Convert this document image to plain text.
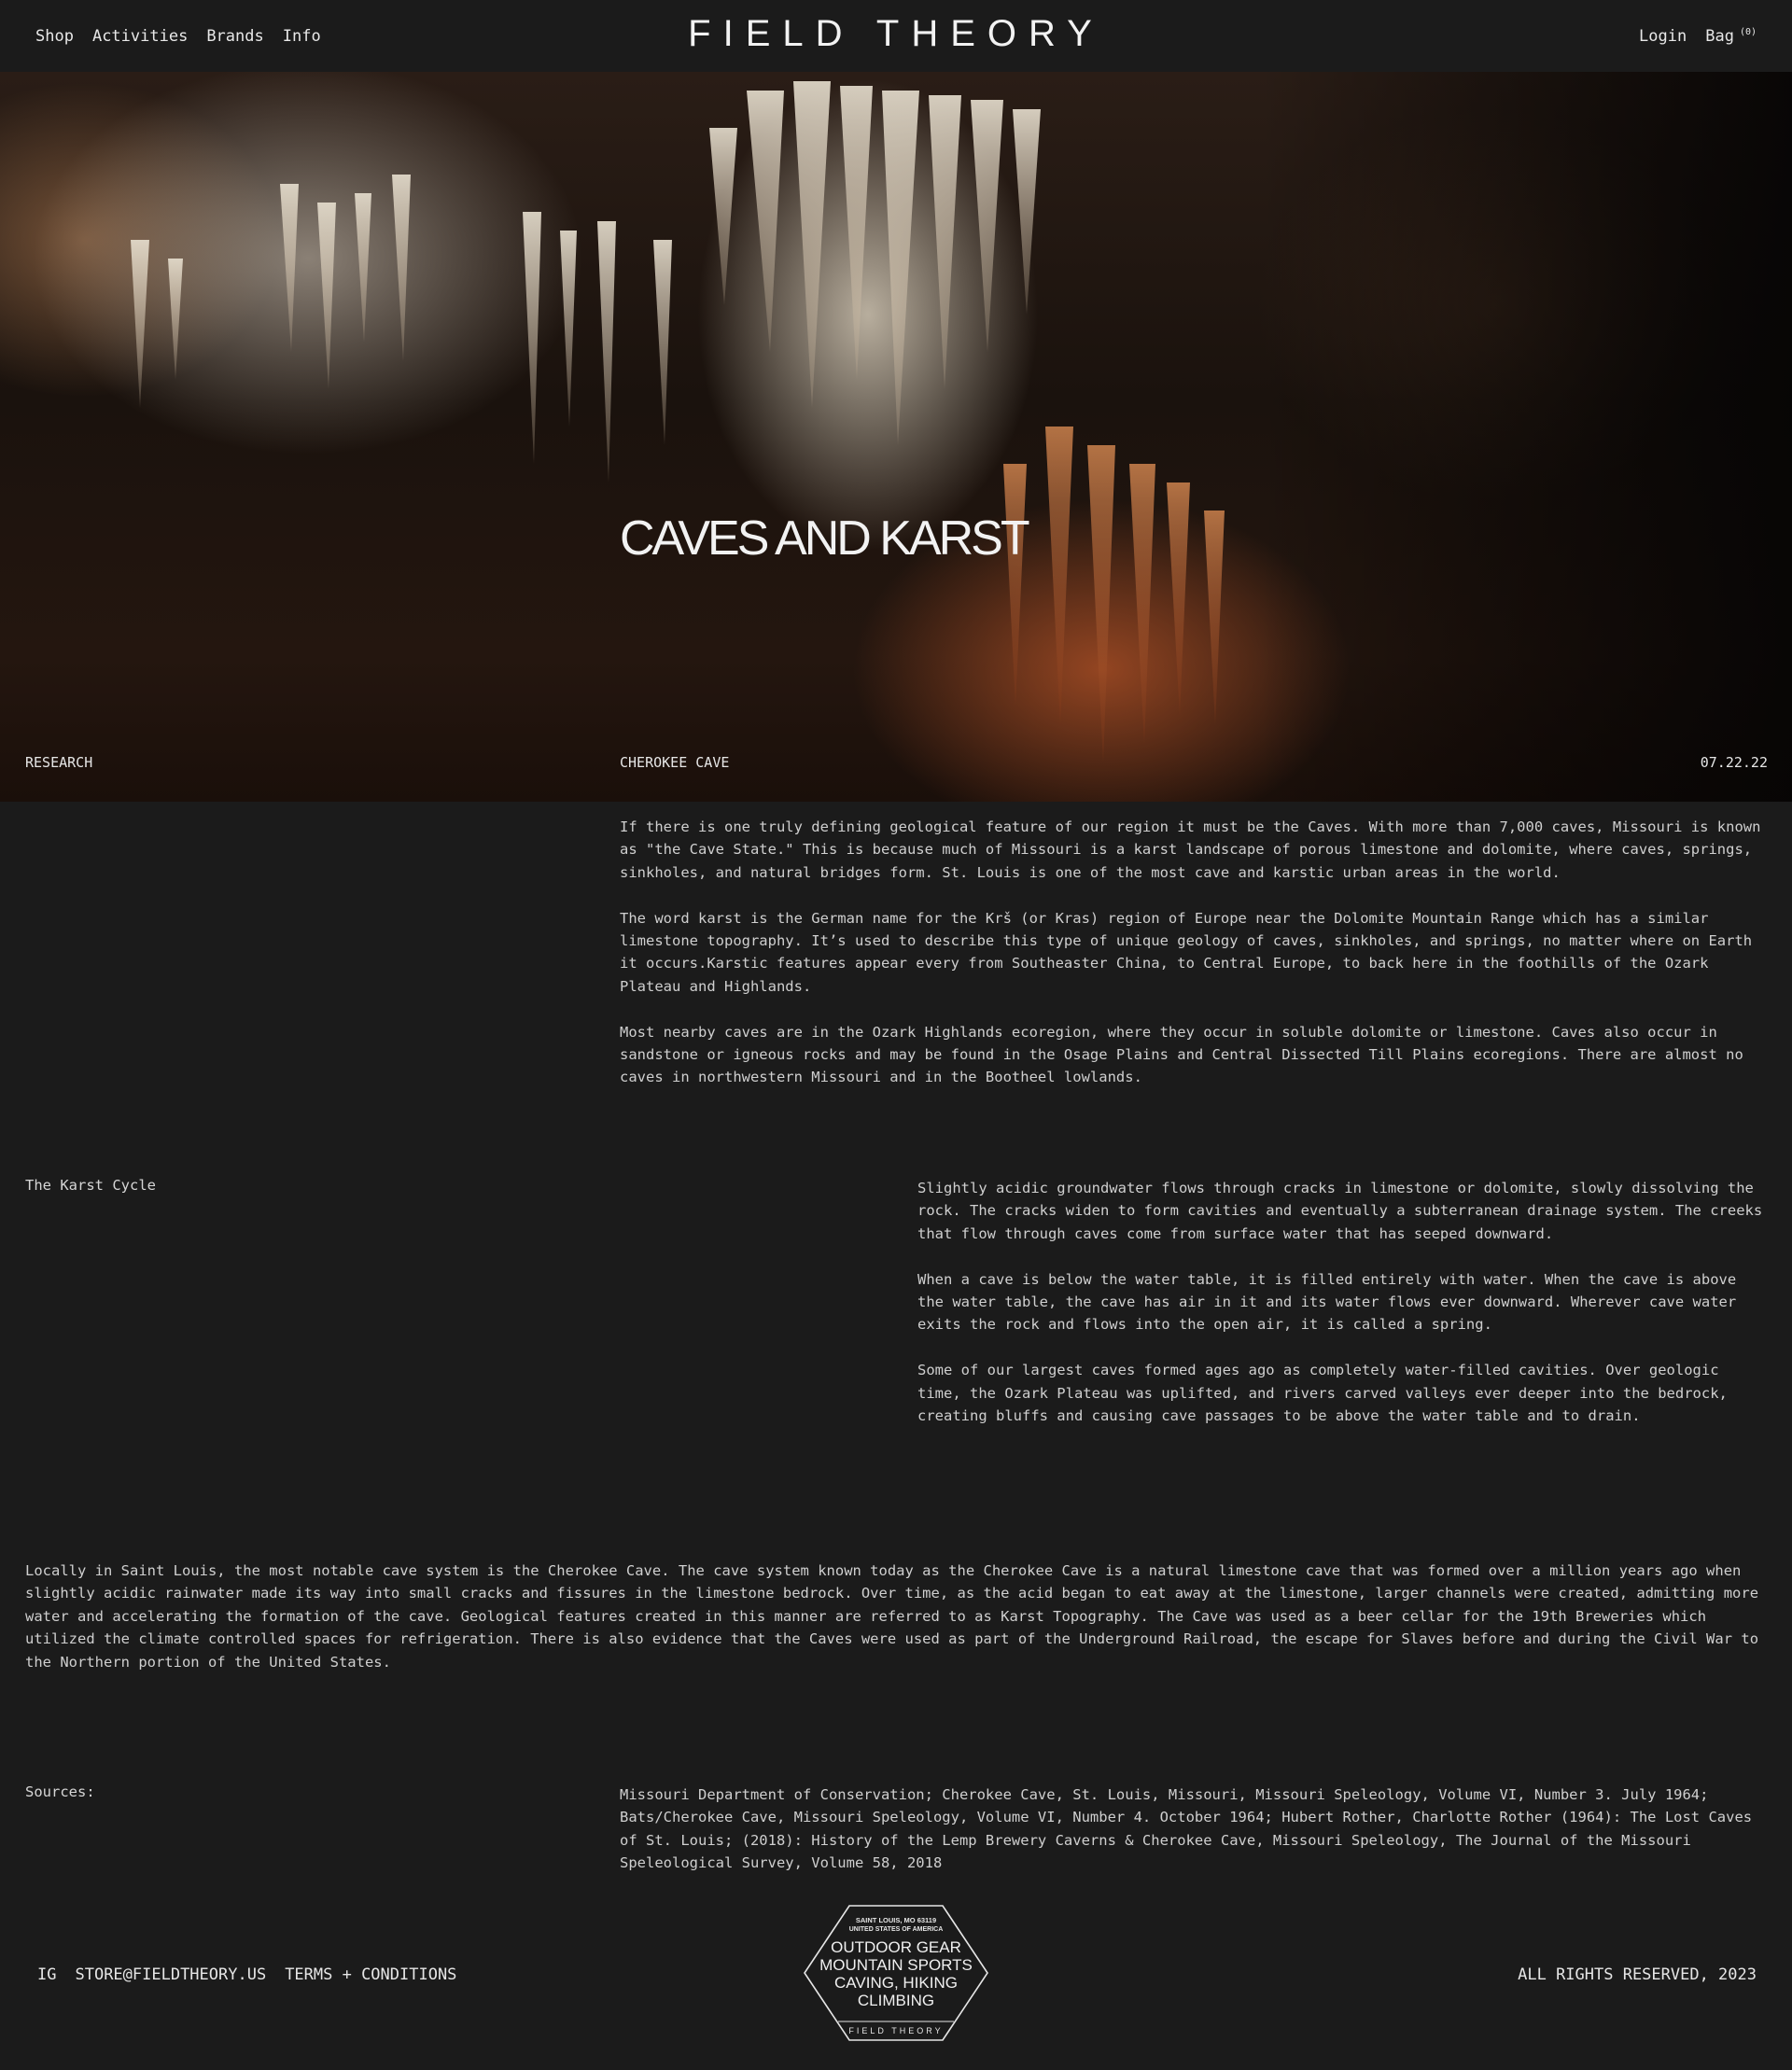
Shop Activities Brands Info	FIELD THEORY	Login Bag $^{(0)}$
CAVES AND KARST
RESEARCH	CHEROKEE CAVE	07.22.22

If there is one truly defining geological feature of our region it must be the Caves. With more than 7,000 caves, Missouri is known as "the Cave State." This is because much of Missouri is a karst landscape of porous limestone and dolomite, where caves, springs, sinkholes, and natural bridges form. St. Louis is one of the most cave and karstic urban areas in the world.

The word karst is the German name for the Krš (or Kras) region of Europe near the Dolomite Mountain Range which has a similar limestone topography. It’s used to describe this type of unique geology of caves, sinkholes, and springs, no matter where on Earth it occurs.Karstic features appear every from Southeaster China, to Central Europe, to back here in the foothills of the Ozark Plateau and Highlands.

Most nearby caves are in the Ozark Highlands ecoregion, where they occur in soluble dolomite or limestone. Caves also occur in sandstone or igneous rocks and may be found in the Osage Plains and Central Dissected Till Plains ecoregions. There are almost no caves in northwestern Missouri and in the Bootheel lowlands.

The Karst Cycle	Slightly acidic groundwater flows through cracks in limestone or dolomite, slowly dissolving the rock. The cracks widen to form cavities and eventually a subterranean drainage system. The creeks that flow through caves come from surface water that has seeped downward.

When a cave is below the water table, it is filled entirely with water. When the cave is above the water table, the cave has air in it and its water flows ever downward. Wherever cave water exits the rock and flows into the open air, it is called a spring.

Some of our largest caves formed ages ago as completely water-filled cavities. Over geologic time, the Ozark Plateau was uplifted, and rivers carved valleys ever deeper into the bedrock, creating bluffs and causing cave passages to be above the water table and to drain.

Locally in Saint Louis, the most notable cave system is the Cherokee Cave. The cave system known today as the Cherokee Cave is a natural limestone cave that was formed over a million years ago when slightly acidic rainwater made its way into small cracks and fissures in the limestone bedrock. Over time, as the acid began to eat away at the limestone, larger channels were created, admitting more water and accelerating the formation of the cave. Geological features created in this manner are referred to as Karst Topography. The Cave was used as a beer cellar for the 19th Breweries which utilized the climate controlled spaces for refrigeration. There is also evidence that the Caves were used as part of the Underground Railroad, the escape for Slaves before and during the Civil War to the Northern portion of the United States.

Sources:	Missouri Department of Conservation; Cherokee Cave, St. Louis, Missouri, Missouri Speleology, Volume VI, Number 3. July 1964; Bats/Cherokee Cave, Missouri Speleology, Volume VI, Number 4. October 1964; Hubert Rother, Charlotte Rother (1964): The Lost Caves of St. Louis; (2018): History of the Lemp Brewery Caverns & Cherokee Cave, Missouri Speleology, The Journal of the Missouri Speleological Survey, Volume 58, 2018

IG STORE@FIELDTHEORY.US TERMS + CONDITIONS
SAINT LOUIS, MO 63119
UNITED STATES OF AMERICA
OUTDOOR GEAR
MOUNTAIN SPORTS
CAVING, HIKING
CLIMBING
FIELD THEORY
ALL RIGHTS RESERVED, 2023
